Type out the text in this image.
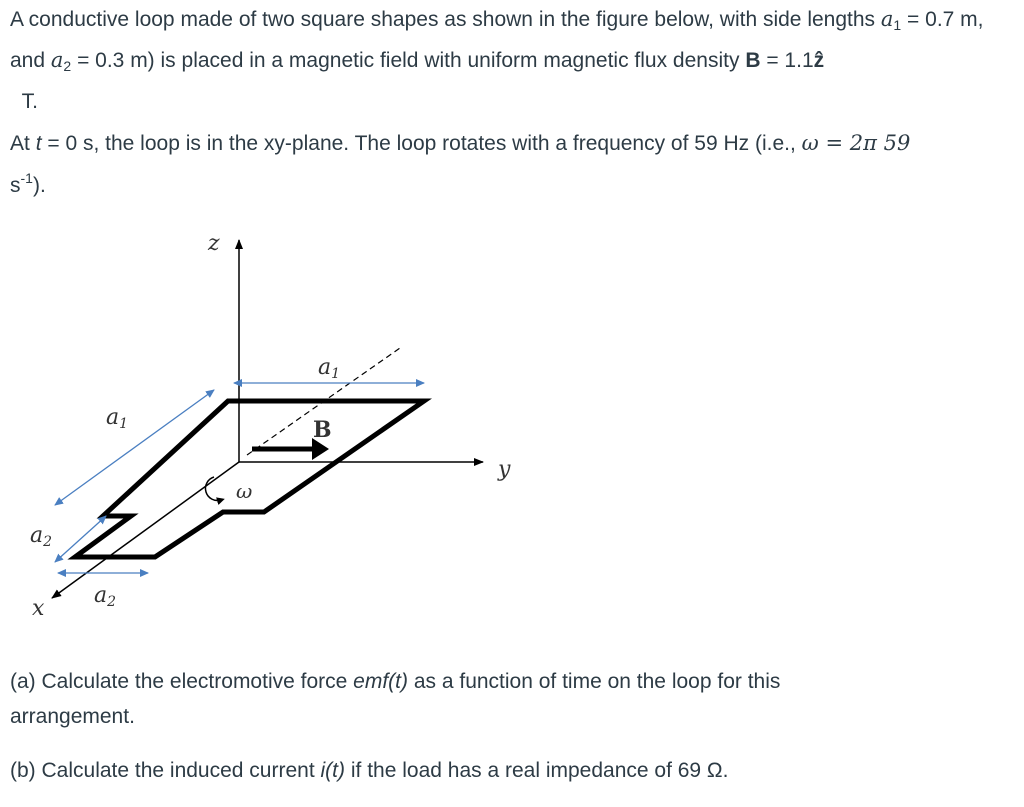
A conductive loop made of two square shapes as shown in the figure below, with side lengths $a_1 = 0.7$ m, and $a_2 = 0.3$ m) is placed in a magnetic field with uniform magnetic flux density B = 1.1ẑ
T.

At t = 0 s, the loop is in the xy-plane. The loop rotates with a frequency of 59 Hz (i.e., ω = 2π 59
$s^{-1}$).

z
y
x
a1
a1
a2
a2
B
ω

(a) Calculate the electromotive force emf(t) as a function of time on the loop for this arrangement.

(b) Calculate the induced current i(t) if the load has a real impedance of 69 Ω.
